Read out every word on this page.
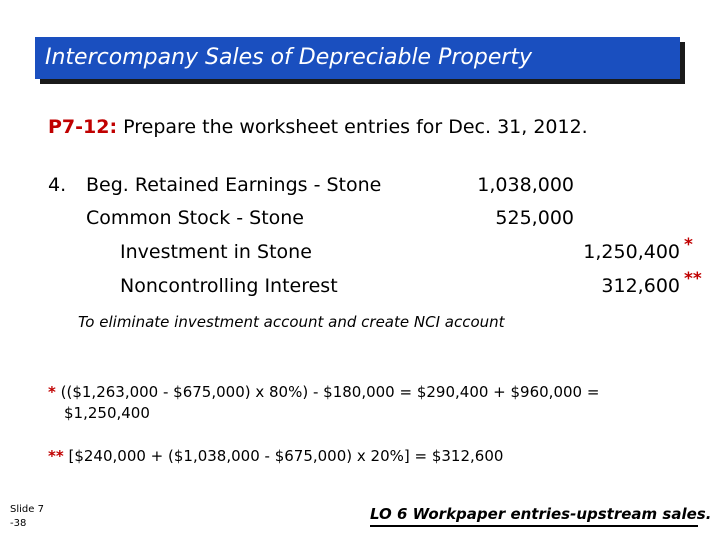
Intercompany Sales of Depreciable Property
P7-12: Prepare the worksheet entries for Dec. 31, 2012.
4. Beg. Retained Earnings - Stone	1,038,000
Common Stock - Stone	525,000
Investment in Stone	1,250,400 *
Noncontrolling Interest	312,600 **
To eliminate investment account and create NCI account
* (($1,263,000 - $675,000) x 80%) - $180,000 = $290,400 + $960,000 =
$1,250,400
** [$240,000 + ($1,038,000 - $675,000) x 20%] = $312,600
Slide 7 -38
LO 6 Workpaper entries-upstream sales.
